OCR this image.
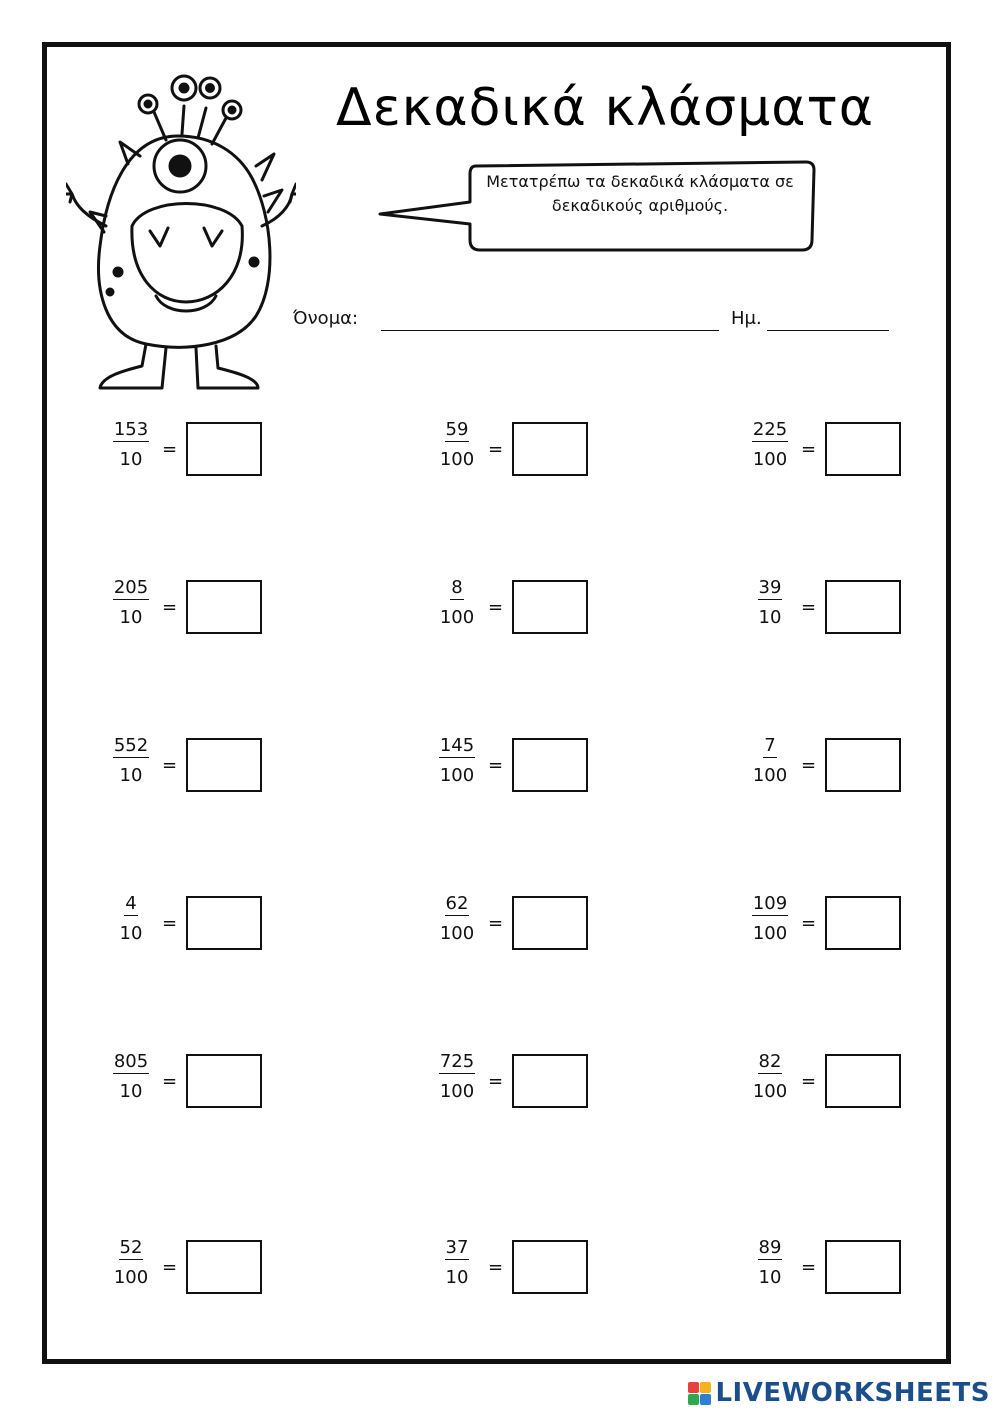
Δεκαδικά κλάσματα
Μετατρέπω τα δεκαδικά κλάσματα σε δεκαδικούς αριθμούς.
Όνομα:	Ημ.
$\frac{153}{10}$ =	$\frac{59}{100}$ =	$\frac{225}{100}$ =
$\frac{205}{10}$ =	$\frac{8}{100}$ =	$\frac{39}{10}$ =
$\frac{552}{10}$ =	$\frac{145}{100}$ =	$\frac{7}{100}$ =
$\frac{4}{10}$ =	$\frac{62}{100}$ =	$\frac{109}{100}$ =
$\frac{805}{10}$ =	$\frac{725}{100}$ =	$\frac{82}{100}$ =
$\frac{52}{100}$ =	$\frac{37}{10}$ =	$\frac{89}{10}$ =
LIVEWORKSHEETS
